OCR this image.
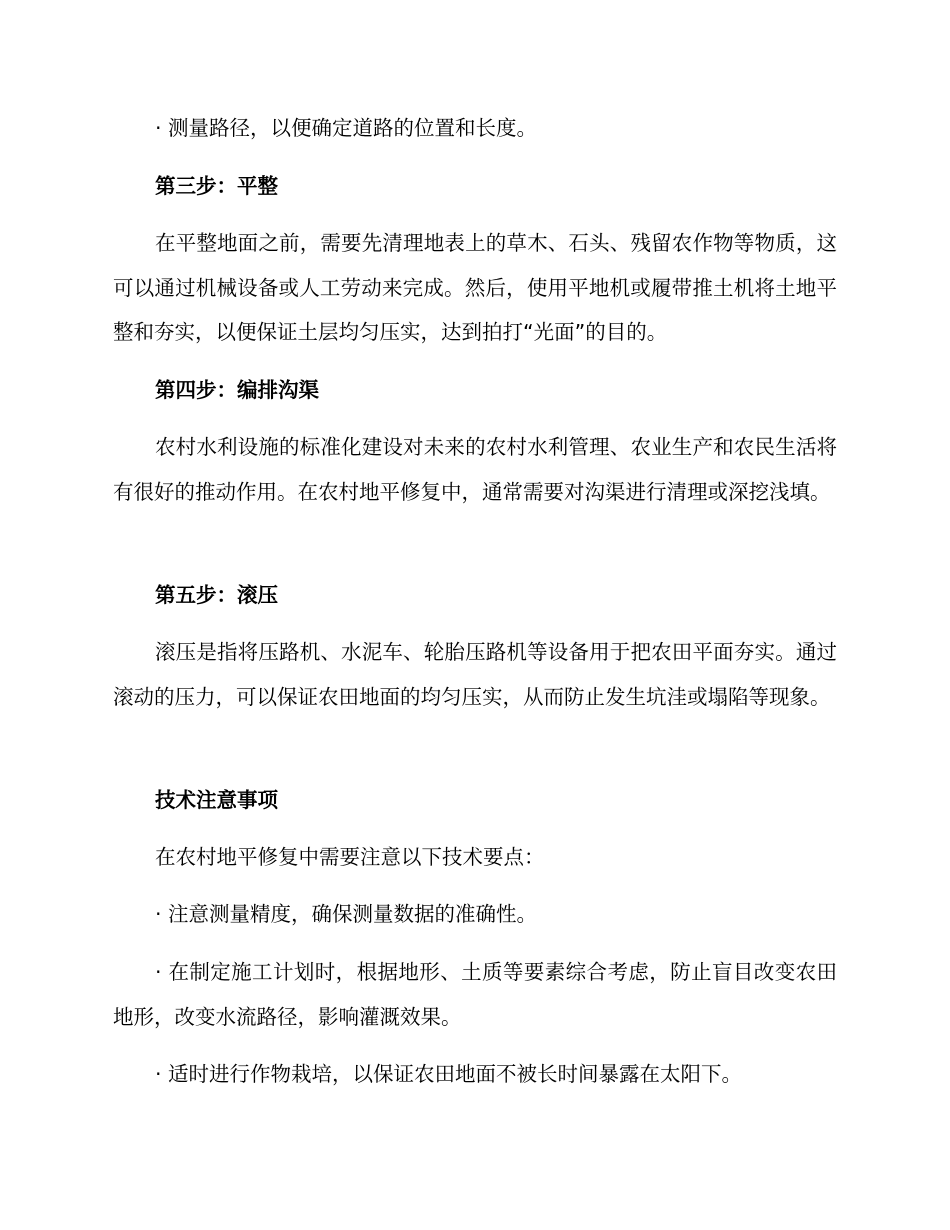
· 测量路径，以便确定道路的位置和长度。

第三步：平整

在平整地面之前，需要先清理地表上的草木、石头、残留农作物等物质，这可以通过机械设备或人工劳动来完成。然后，使用平地机或履带推土机将土地平整和夯实，以便保证土层均匀压实，达到拍打“光面”的目的。

第四步：编排沟渠

农村水利设施的标准化建设对未来的农村水利管理、农业生产和农民生活将有很好的推动作用。在农村地平修复中，通常需要对沟渠进行清理或深挖浅填。

第五步：滚压

滚压是指将压路机、水泥车、轮胎压路机等设备用于把农田平面夯实。通过滚动的压力，可以保证农田地面的均匀压实，从而防止发生坑洼或塌陷等现象。

技术注意事项

在农村地平修复中需要注意以下技术要点：

· 注意测量精度，确保测量数据的准确性。

· 在制定施工计划时，根据地形、土质等要素综合考虑，防止盲目改变农田地形，改变水流路径，影响灌溉效果。

· 适时进行作物栽培，以保证农田地面不被长时间暴露在太阳下。
